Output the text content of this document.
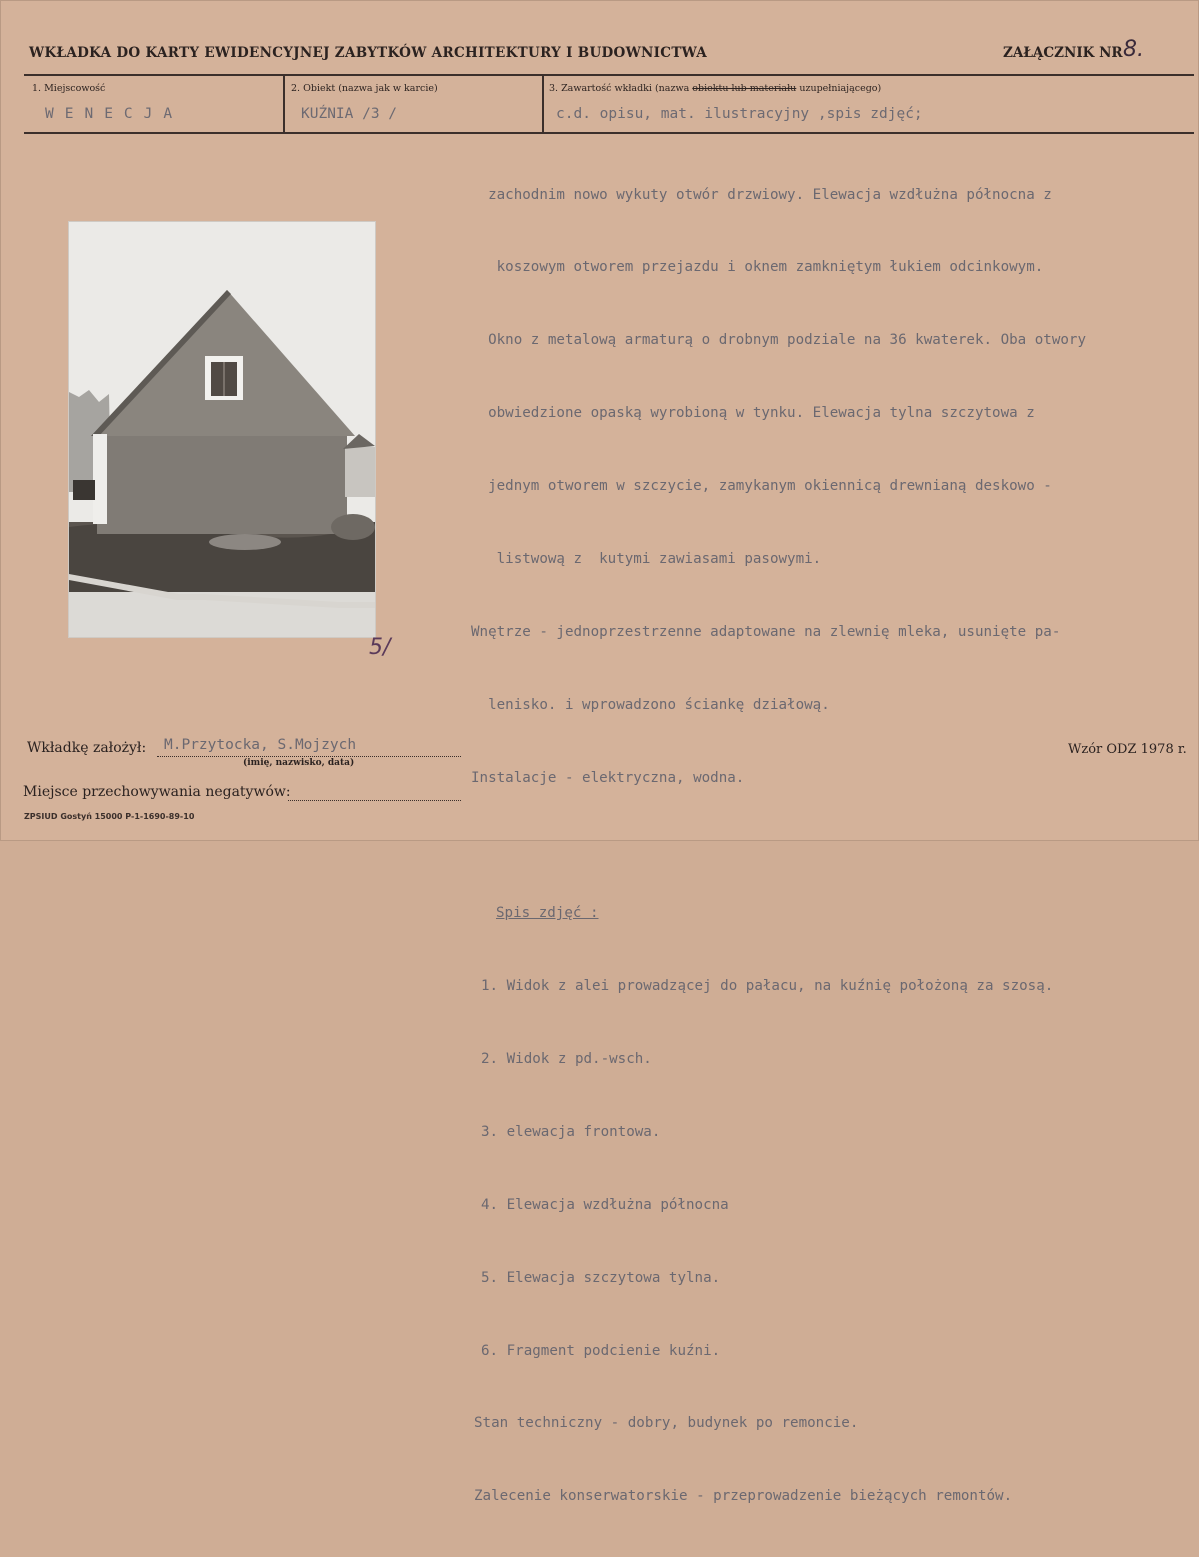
WKŁADKA DO KARTY EWIDENCYJNEJ ZABYTKÓW ARCHITEKTURY I BUDOWNICTWA	ZAŁĄCZNIK NR 8.
1. Miejscowość
WENECJA
2. Obiekt (nazwa jak w karcie)
KUŹNIA /3 /
3. Zawartość wkładki (nazwa obiektu lub materiału uzupełniającego)
c.d. opisu, mat. ilustracyjny ,spis zdjęć;

zachodnim nowo wykuty otwór drzwiowy. Elewacja wzdłużna północna z

koszowym otworem przejazdu i oknem zamkniętym łukiem odcinkowym.

Okno z metalową armaturą o drobnym podziale na 36 kwaterek. Oba otwory

obwiedzione opaską wyrobioną w tynku. Elewacja tylna szczytowa z

jednym otworem w szczycie, zamykanym okiennicą drewnianą deskowo -

listwową z  kutymi zawiasami pasowymi.

Wnętrze - jednoprzestrzenne adaptowane na zlewnię mleka, usunięte pa-

lenisko. i wprowadzono ściankę działową.

Instalacje - elektryczna, wodna.

Spis zdjęć :

1. Widok z alei prowadzącej do pałacu, na kuźnię położoną za szosą.

2. Widok z pd.-wsch.

3. elewacja frontowa.

4. Elewacja wzdłużna północna

5. Elewacja szczytowa tylna.

6. Fragment podcienie kuźni.

Stan techniczny - dobry, budynek po remoncie.

Zalecenie konserwatorskie - przeprowadzenie bieżących remontów.

5/
Wkładkę założył: M.Przytocka, S.Mojzych
(imię, nazwisko, data)
Wzór ODZ 1978 r.
Miejsce przechowywania negatywów:
ZPSIUD Gostyń 15000 P-1-1690-89-10
